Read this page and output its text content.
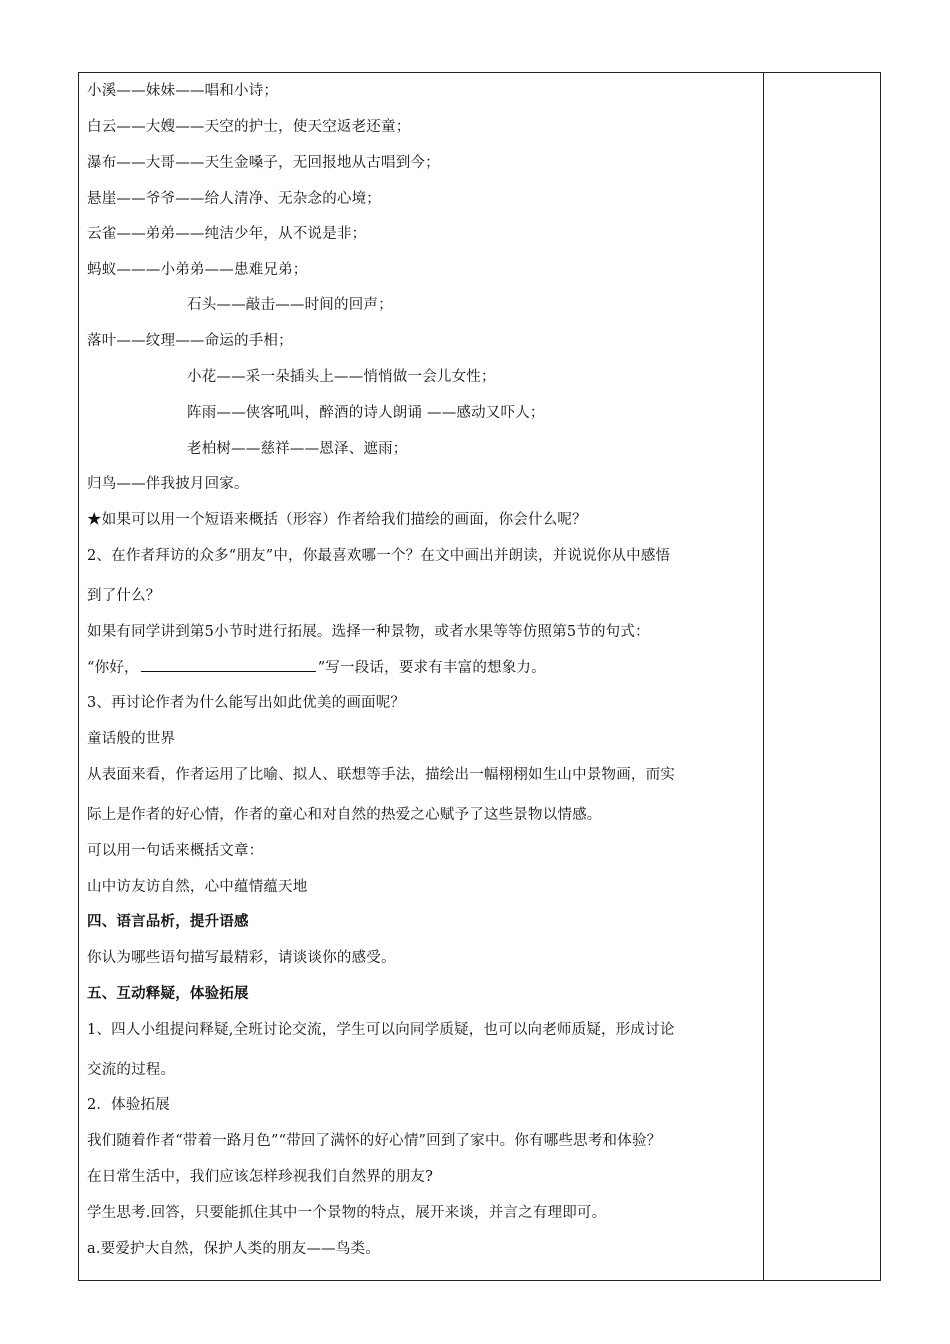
小溪——妹妹——唱和小诗；
白云——大嫂——天空的护士，使天空返老还童；
瀑布——大哥——天生金嗓子，无回报地从古唱到今；
悬崖——爷爷——给人清净、无杂念的心境；
云雀——弟弟——纯洁少年，从不说是非；
蚂蚁———小弟弟——患难兄弟；
石头——敲击——时间的回声；
落叶——纹理——命运的手相；
小花——采一朵插头上——悄悄做一会儿女性；
阵雨——侠客吼叫，醉酒的诗人朗诵 ——感动又吓人；
老柏树——慈祥——恩泽、遮雨；
归鸟——伴我披月回家。
★如果可以用一个短语来概括（形容）作者给我们描绘的画面，你会什么呢？
2、在作者拜访的众多“朋友”中，你最喜欢哪一个？在文中画出并朗读，并说说你从中感悟
到了什么？
如果有同学讲到第5小节时进行拓展。选择一种景物，或者水果等等仿照第5节的句式：
“你好，	”写一段话，要求有丰富的想象力。
3、再讨论作者为什么能写出如此优美的画面呢？
童话般的世界
从表面来看，作者运用了比喻、拟人、联想等手法，描绘出一幅栩栩如生山中景物画，而实
际上是作者的好心情，作者的童心和对自然的热爱之心赋予了这些景物以情感。
可以用一句话来概括文章：
山中访友访自然，心中蕴情蕴天地
四、语言品析，提升语感
你认为哪些语句描写最精彩，请谈谈你的感受。
五、互动释疑，体验拓展
1、四人小组提问释疑,全班讨论交流，学生可以向同学质疑，也可以向老师质疑，形成讨论
交流的过程。
2．体验拓展
我们随着作者“带着一路月色”“带回了满怀的好心情”回到了家中。你有哪些思考和体验？
在日常生活中，我们应该怎样珍视我们自然界的朋友?
学生思考.回答，只要能抓住其中一个景物的特点，展开来谈，并言之有理即可。
a.要爱护大自然，保护人类的朋友——鸟类。
